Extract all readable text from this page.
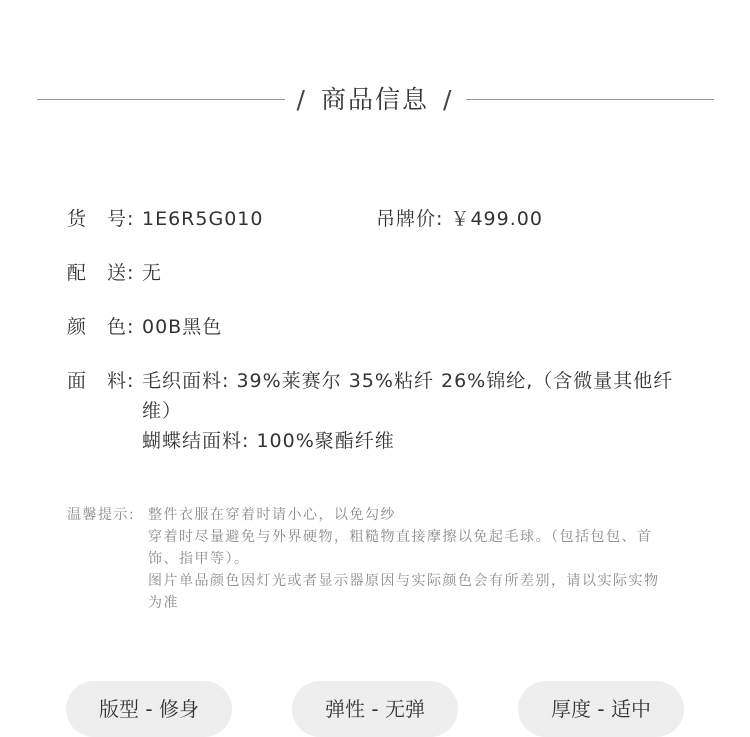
/ 商品信息 /
货　号: 1E6R5G010	吊牌价: ￥499.00
配　送: 无
颜　色: 00B黑色
面　料: 毛织面料: 39%莱赛尔 35%粘纤 26%锦纶,（含微量其他纤维）
蝴蝶结面料: 100%聚酯纤维
温馨提示: 整件衣服在穿着时请小心，以免勾纱
穿着时尽量避免与外界硬物，粗糙物直接摩擦以免起毛球。（包括包包、首饰、指甲等）。
图片单品颜色因灯光或者显示器原因与实际颜色会有所差别，请以实际实物为准
版型 - 修身	弹性 - 无弹	厚度 - 适中
